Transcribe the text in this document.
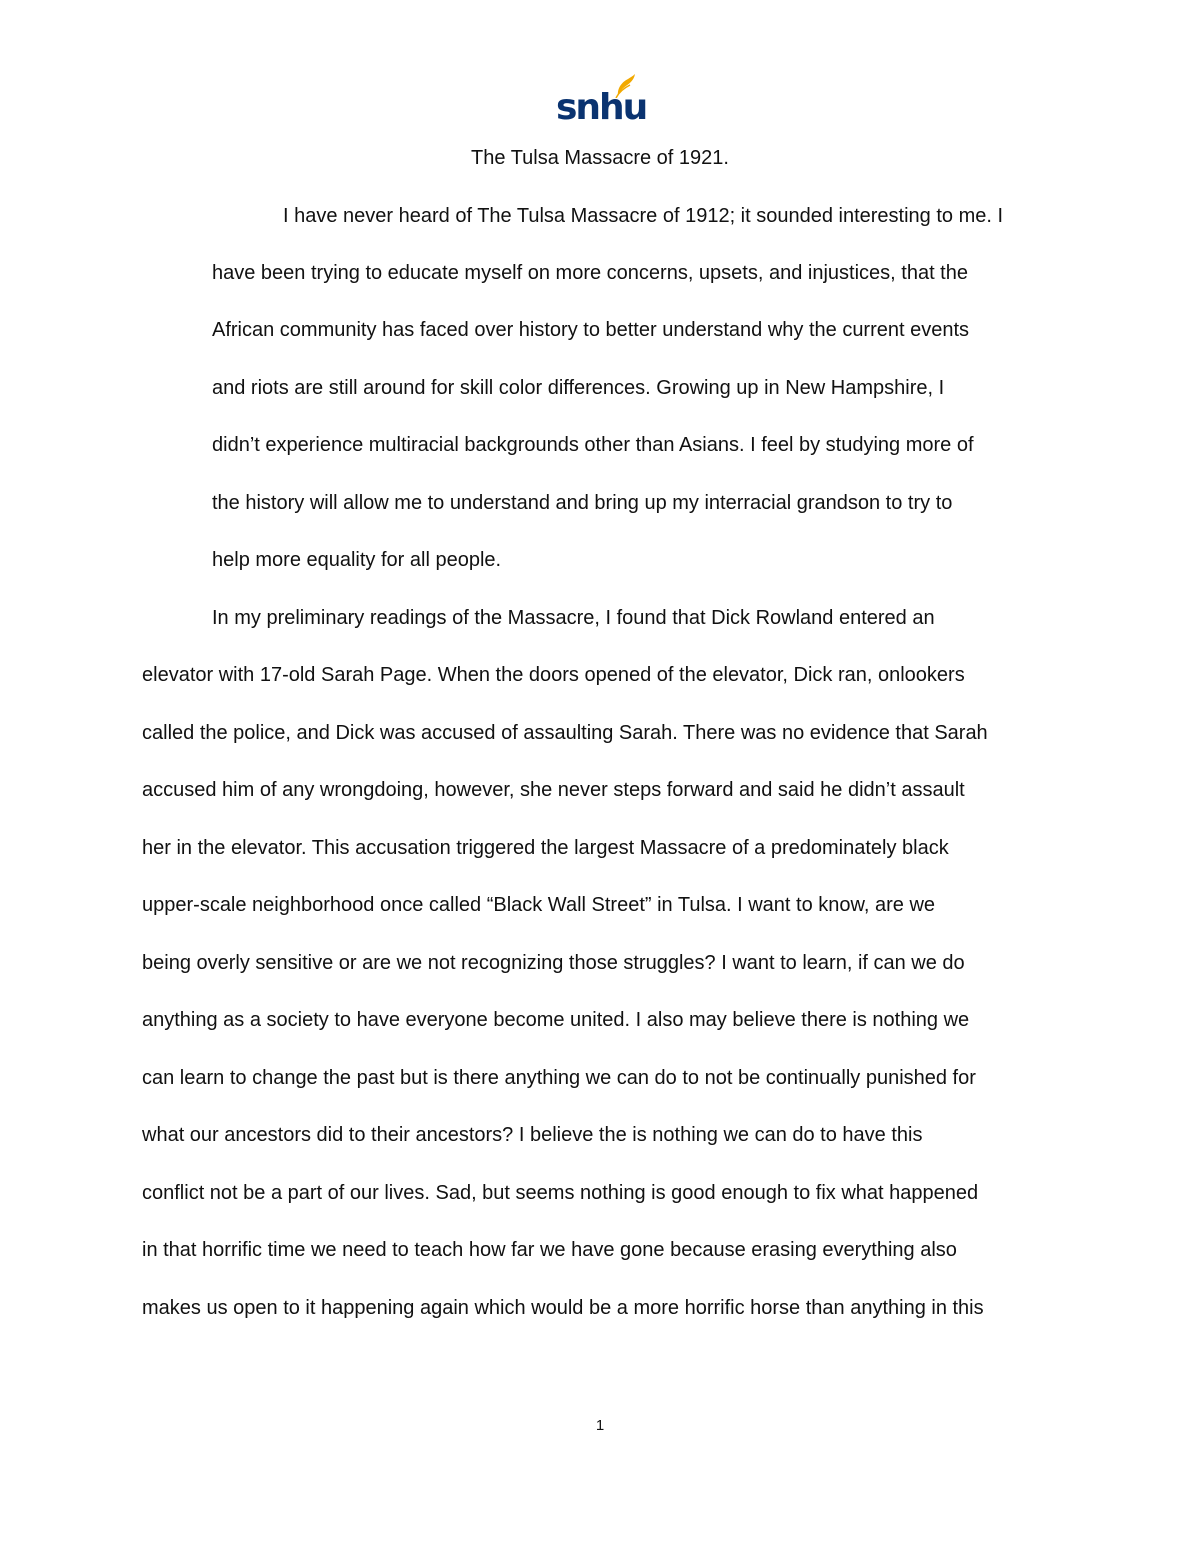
snhu
The Tulsa Massacre of 1921.
I have never heard of The Tulsa Massacre of 1912; it sounded interesting to me. I
have been trying to educate myself on more concerns, upsets, and injustices, that the
African community has faced over history to better understand why the current events
and riots are still around for skill color differences. Growing up in New Hampshire, I
didn’t experience multiracial backgrounds other than Asians. I feel by studying more of
the history will allow me to understand and bring up my interracial grandson to try to
help more equality for all people.
In my preliminary readings of the Massacre, I found that Dick Rowland entered an
elevator with 17-old Sarah Page. When the doors opened of the elevator, Dick ran, onlookers
called the police, and Dick was accused of assaulting Sarah. There was no evidence that Sarah
accused him of any wrongdoing, however, she never steps forward and said he didn’t assault
her in the elevator. This accusation triggered the largest Massacre of a predominately black
upper-scale neighborhood once called “Black Wall Street” in Tulsa. I want to know, are we
being overly sensitive or are we not recognizing those struggles? I want to learn, if can we do
anything as a society to have everyone become united. I also may believe there is nothing we
can learn to change the past but is there anything we can do to not be continually punished for
what our ancestors did to their ancestors? I believe the is nothing we can do to have this
conflict not be a part of our lives. Sad, but seems nothing is good enough to fix what happened
in that horrific time we need to teach how far we have gone because erasing everything also
makes us open to it happening again which would be a more horrific horse than anything in this
1
